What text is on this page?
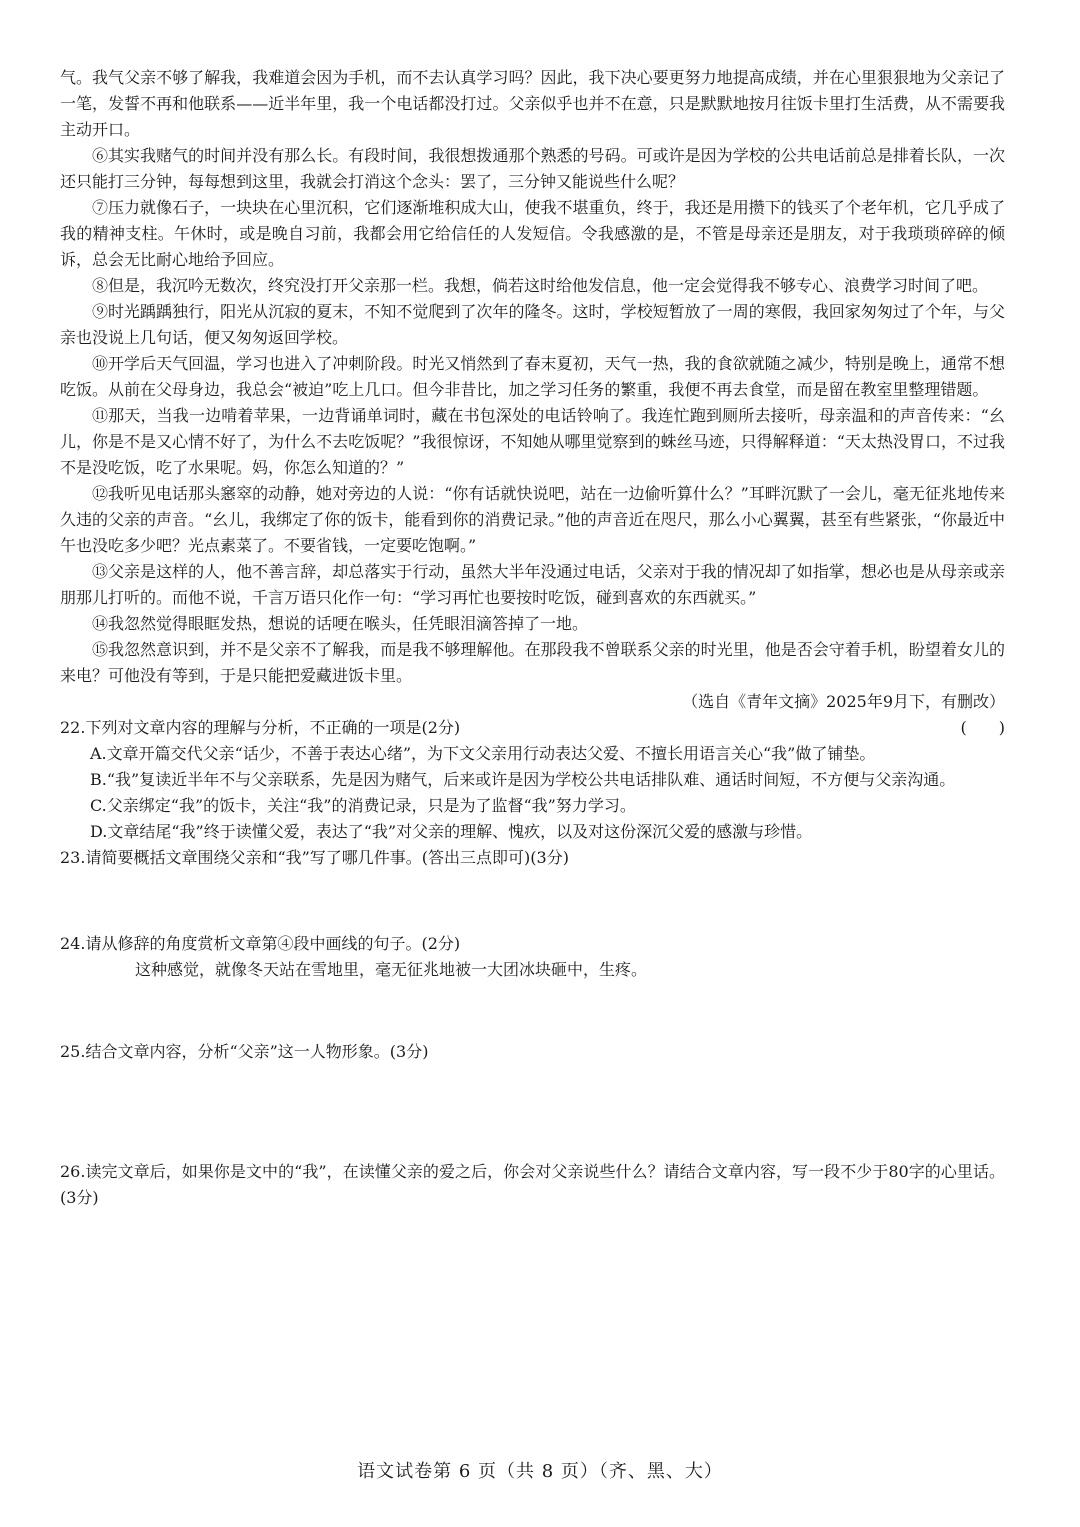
气。我气父亲不够了解我，我难道会因为手机，而不去认真学习吗？因此，我下决心要更努力地提高成绩，并在心里狠狠地为父亲记了一笔，发誓不再和他联系——近半年里，我一个电话都没打过。父亲似乎也并不在意，只是默默地按月往饭卡里打生活费，从不需要我主动开口。

⑥其实我赌气的时间并没有那么长。有段时间，我很想拨通那个熟悉的号码。可或许是因为学校的公共电话前总是排着长队，一次还只能打三分钟，每每想到这里，我就会打消这个念头：罢了，三分钟又能说些什么呢？

⑦压力就像石子，一块块在心里沉积，它们逐渐堆积成大山，使我不堪重负，终于，我还是用攒下的钱买了个老年机，它几乎成了我的精神支柱。午休时，或是晚自习前，我都会用它给信任的人发短信。令我感激的是，不管是母亲还是朋友，对于我琐琐碎碎的倾诉，总会无比耐心地给予回应。

⑧但是，我沉吟无数次，终究没打开父亲那一栏。我想，倘若这时给他发信息，他一定会觉得我不够专心、浪费学习时间了吧。

⑨时光踽踽独行，阳光从沉寂的夏末，不知不觉爬到了次年的隆冬。这时，学校短暂放了一周的寒假，我回家匆匆过了个年，与父亲也没说上几句话，便又匆匆返回学校。

⑩开学后天气回温，学习也进入了冲刺阶段。时光又悄然到了春末夏初，天气一热，我的食欲就随之减少，特别是晚上，通常不想吃饭。从前在父母身边，我总会“被迫”吃上几口。但今非昔比，加之学习任务的繁重，我便不再去食堂，而是留在教室里整理错题。

⑪那天，当我一边啃着苹果，一边背诵单词时，藏在书包深处的电话铃响了。我连忙跑到厕所去接听，母亲温和的声音传来：“幺儿，你是不是又心情不好了，为什么不去吃饭呢？”我很惊讶，不知她从哪里觉察到的蛛丝马迹，只得解释道：“天太热没胃口，不过我不是没吃饭，吃了水果呢。妈，你怎么知道的？”

⑫我听见电话那头窸窣的动静，她对旁边的人说：“你有话就快说吧，站在一边偷听算什么？”耳畔沉默了一会儿，毫无征兆地传来久违的父亲的声音。“幺儿，我绑定了你的饭卡，能看到你的消费记录。”他的声音近在咫尺，那么小心翼翼，甚至有些紧张，“你最近中午也没吃多少吧？光点素菜了。不要省钱，一定要吃饱啊。”

⑬父亲是这样的人，他不善言辞，却总落实于行动，虽然大半年没通过电话，父亲对于我的情况却了如指掌，想必也是从母亲或亲朋那儿打听的。而他不说，千言万语只化作一句：“学习再忙也要按时吃饭，碰到喜欢的东西就买。”

⑭我忽然觉得眼眶发热，想说的话哽在喉头，任凭眼泪滴答掉了一地。

⑮我忽然意识到，并不是父亲不了解我，而是我不够理解他。在那段我不曾联系父亲的时光里，他是否会守着手机，盼望着女儿的来电？可他没有等到，于是只能把爱藏进饭卡里。

（选自《青年文摘》2025年9月下，有删改）

22.下列对文章内容的理解与分析，不正确的一项是(2分)	(　　)

A.文章开篇交代父亲“话少，不善于表达心绪”，为下文父亲用行动表达父爱、不擅长用语言关心“我”做了铺垫。

B.“我”复读近半年不与父亲联系，先是因为赌气，后来或许是因为学校公共电话排队难、通话时间短，不方便与父亲沟通。

C.父亲绑定“我”的饭卡，关注“我”的消费记录，只是为了监督“我”努力学习。

D.文章结尾“我”终于读懂父爱，表达了“我”对父亲的理解、愧疚，以及对这份深沉父爱的感激与珍惜。

23.请简要概括文章围绕父亲和“我”写了哪几件事。(答出三点即可)(3分)

24.请从修辞的角度赏析文章第④段中画线的句子。(2分)

这种感觉，就像冬天站在雪地里，毫无征兆地被一大团冰块砸中，生疼。

25.结合文章内容，分析“父亲”这一人物形象。(3分)

26.读完文章后，如果你是文中的“我”，在读懂父亲的爱之后，你会对父亲说些什么？请结合文章内容，写一段不少于80字的心里话。(3分)

语文试卷第 6 页（共 8 页）（齐、黑、大）
